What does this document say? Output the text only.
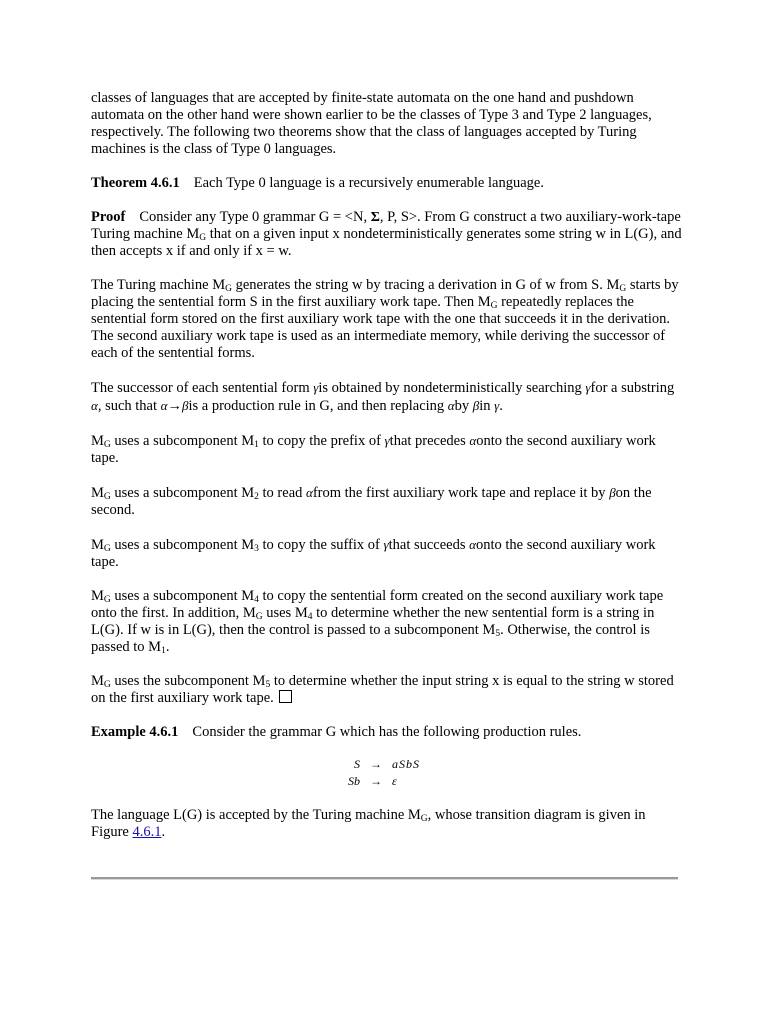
classes of languages that are accepted by finite-state automata on the one hand and pushdown automata on the other hand were shown earlier to be the classes of Type 3 and Type 2 languages, respectively. The following two theorems show that the class of languages accepted by Turing machines is the class of Type 0 languages.

Theorem 4.6.1 Each Type 0 language is a recursively enumerable language.

Proof Consider any Type 0 grammar G = <N, Σ, P, S>. From G construct a two auxiliary-work-tape Turing machine $M_G$ that on a given input x nondeterministically generates some string w in L(G), and then accepts x if and only if x = w.

The Turing machine $M_G$ generates the string w by tracing a derivation in G of w from S. $M_G$ starts by placing the sentential form S in the first auxiliary work tape. Then $M_G$ repeatedly replaces the sentential form stored on the first auxiliary work tape with the one that succeeds it in the derivation. The second auxiliary work tape is used as an intermediate memory, while deriving the successor of each of the sentential forms.

The successor of each sentential form γis obtained by nondeterministically searching γfor a substring α, such that α→βis a production rule in G, and then replacing αby βin γ.

$M_G$ uses a subcomponent $M_1$ to copy the prefix of γthat precedes αonto the second auxiliary work tape.

$M_G$ uses a subcomponent $M_2$ to read αfrom the first auxiliary work tape and replace it by βon the second.

$M_G$ uses a subcomponent $M_3$ to copy the suffix of γthat succeeds αonto the second auxiliary work tape.

$M_G$ uses a subcomponent $M_4$ to copy the sentential form created on the second auxiliary work tape onto the first. In addition, $M_G$ uses $M_4$ to determine whether the new sentential form is a string in L(G). If w is in L(G), then the control is passed to a subcomponent $M_5$. Otherwise, the control is passed to $M_1$.

$M_G$ uses the subcomponent $M_5$ to determine whether the input string x is equal to the string w stored on the first auxiliary work tape.

Example 4.6.1 Consider the grammar G which has the following production rules.

S → aSbS
Sb → ε

The language L(G) is accepted by the Turing machine $M_G$, whose transition diagram is given in Figure 4.6.1.
